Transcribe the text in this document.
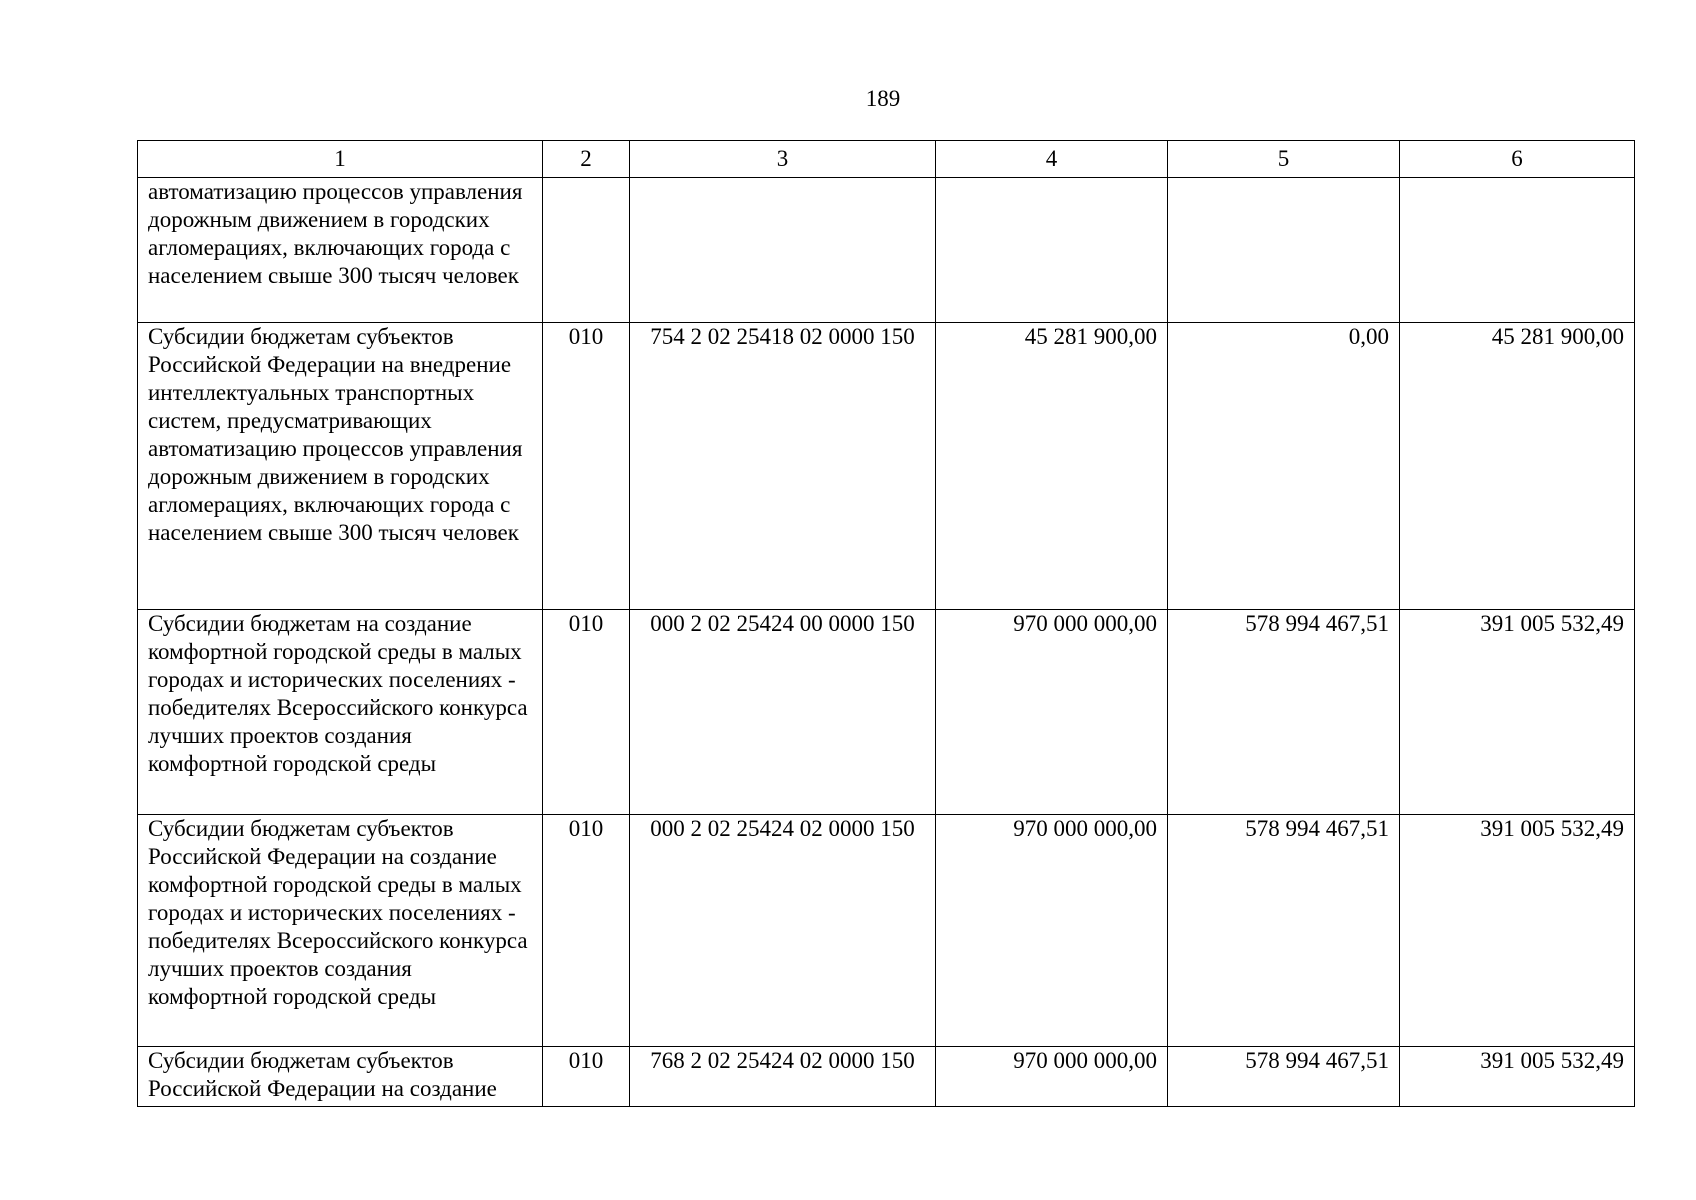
189
1	2	3	4	5	6
автоматизацию процессов управления дорожным движением в городских агломерациях, включающих города с населением свыше 300 тысяч человек					
Субсидии бюджетам субъектов Российской Федерации на внедрение интеллектуальных транспортных систем, предусматривающих автоматизацию процессов управления дорожным движением в городских агломерациях, включающих города с населением свыше 300 тысяч человек	010	754 2 02 25418 02 0000 150	45 281 900,00	0,00	45 281 900,00
Субсидии бюджетам на создание комфортной городской среды в малых городах и исторических поселениях - победителях Всероссийского конкурса лучших проектов создания комфортной городской среды	010	000 2 02 25424 00 0000 150	970 000 000,00	578 994 467,51	391 005 532,49
Субсидии бюджетам субъектов Российской Федерации на создание комфортной городской среды в малых городах и исторических поселениях - победителях Всероссийского конкурса лучших проектов создания комфортной городской среды	010	000 2 02 25424 02 0000 150	970 000 000,00	578 994 467,51	391 005 532,49
Субсидии бюджетам субъектов Российской Федерации на создание	010	768 2 02 25424 02 0000 150	970 000 000,00	578 994 467,51	391 005 532,49
